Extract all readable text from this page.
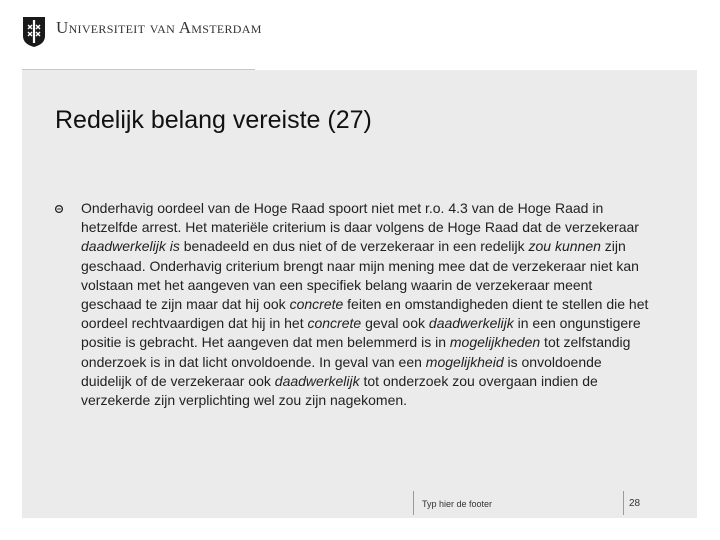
Universiteit van Amsterdam
Redelijk belang vereiste (27)

Onderhavig oordeel van de Hoge Raad spoort niet met r.o. 4.3 van de Hoge Raad in hetzelfde arrest. Het materiële criterium is daar volgens de Hoge Raad dat de verzekeraar daadwerkelijk is benadeeld en dus niet of de verzekeraar in een redelijk zou kunnen zijn geschaad. Onderhavig criterium brengt naar mijn mening mee dat de verzekeraar niet kan volstaan met het aangeven van een specifiek belang waarin de verzekeraar meent geschaad te zijn maar dat hij ook concrete feiten en omstandigheden dient te stellen die het oordeel rechtvaardigen dat hij in het concrete geval ook daadwerkelijk in een ongunstigere positie is gebracht. Het aangeven dat men belemmerd is in mogelijkheden tot zelfstandig onderzoek is in dat licht onvoldoende. In geval van een mogelijkheid is onvoldoende duidelijk of de verzekeraar ook daadwerkelijk tot onderzoek zou overgaan indien de verzekerde zijn verplichting wel zou zijn nagekomen.

Typ hier de footer	28
